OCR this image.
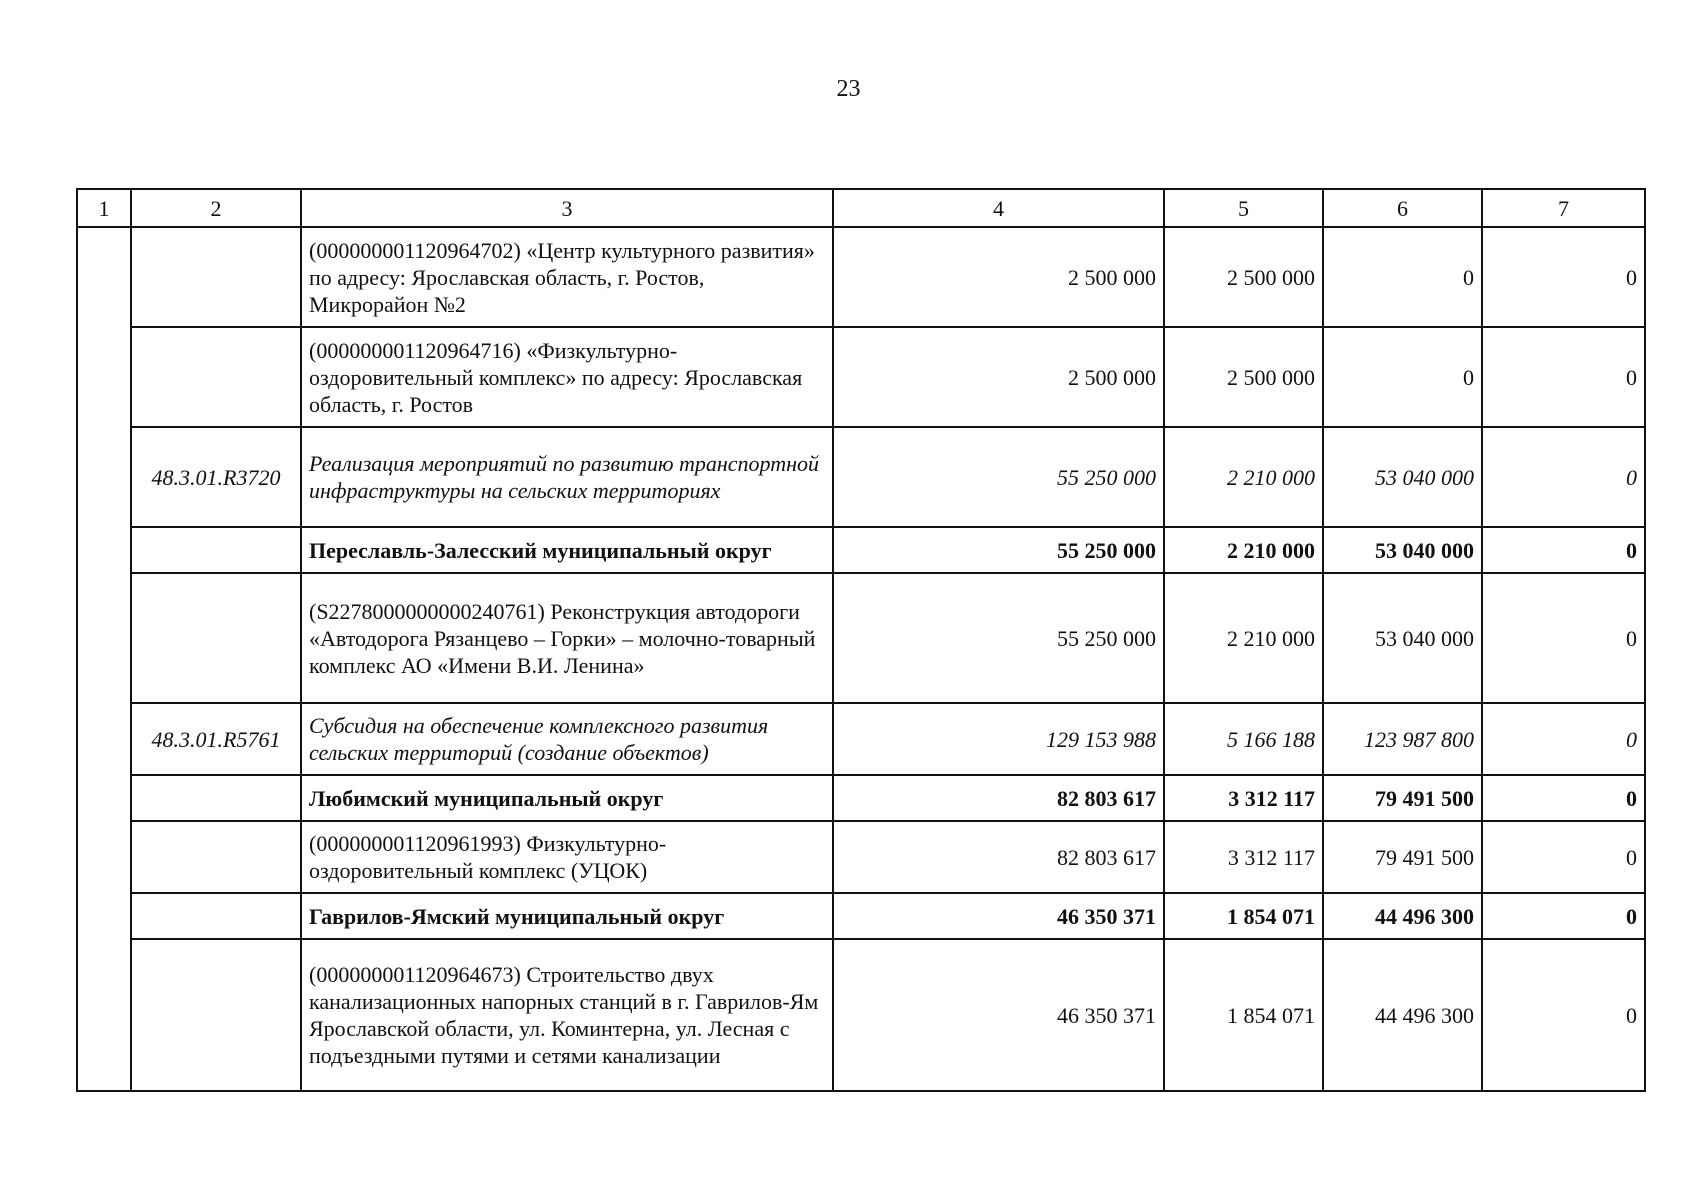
23
1	2	3	4	5	6	7
		(000000001120964702) «Центр культурного развития» по адресу: Ярославская область, г. Ростов, Микрорайон №2	2 500 000	2 500 000	0	0
		(000000001120964716) «Физкультурно-оздоровительный комплекс» по адресу: Ярославская область, г. Ростов	2 500 000	2 500 000	0	0
	48.3.01.R3720	Реализация мероприятий по развитию транспортной инфраструктуры на сельских территориях	55 250 000	2 210 000	53 040 000	0
		Переславль-Залесский муниципальный округ	55 250 000	2 210 000	53 040 000	0
		(S2278000000000240761) Реконструкция автодороги «Автодорога Рязанцево – Горки» – молочно-товарный комплекс АО «Имени В.И. Ленина»	55 250 000	2 210 000	53 040 000	0
	48.3.01.R5761	Субсидия на обеспечение комплексного развития сельских территорий (создание объектов)	129 153 988	5 166 188	123 987 800	0
		Любимский муниципальный округ	82 803 617	3 312 117	79 491 500	0
		(000000001120961993) Физкультурно-оздоровительный комплекс (УЦОК)	82 803 617	3 312 117	79 491 500	0
		Гаврилов-Ямский муниципальный округ	46 350 371	1 854 071	44 496 300	0
		(000000001120964673) Строительство двух канализационных напорных станций в г. Гаврилов-Ям Ярославской области, ул. Коминтерна, ул. Лесная с подъездными путями и сетями канализации	46 350 371	1 854 071	44 496 300	0
